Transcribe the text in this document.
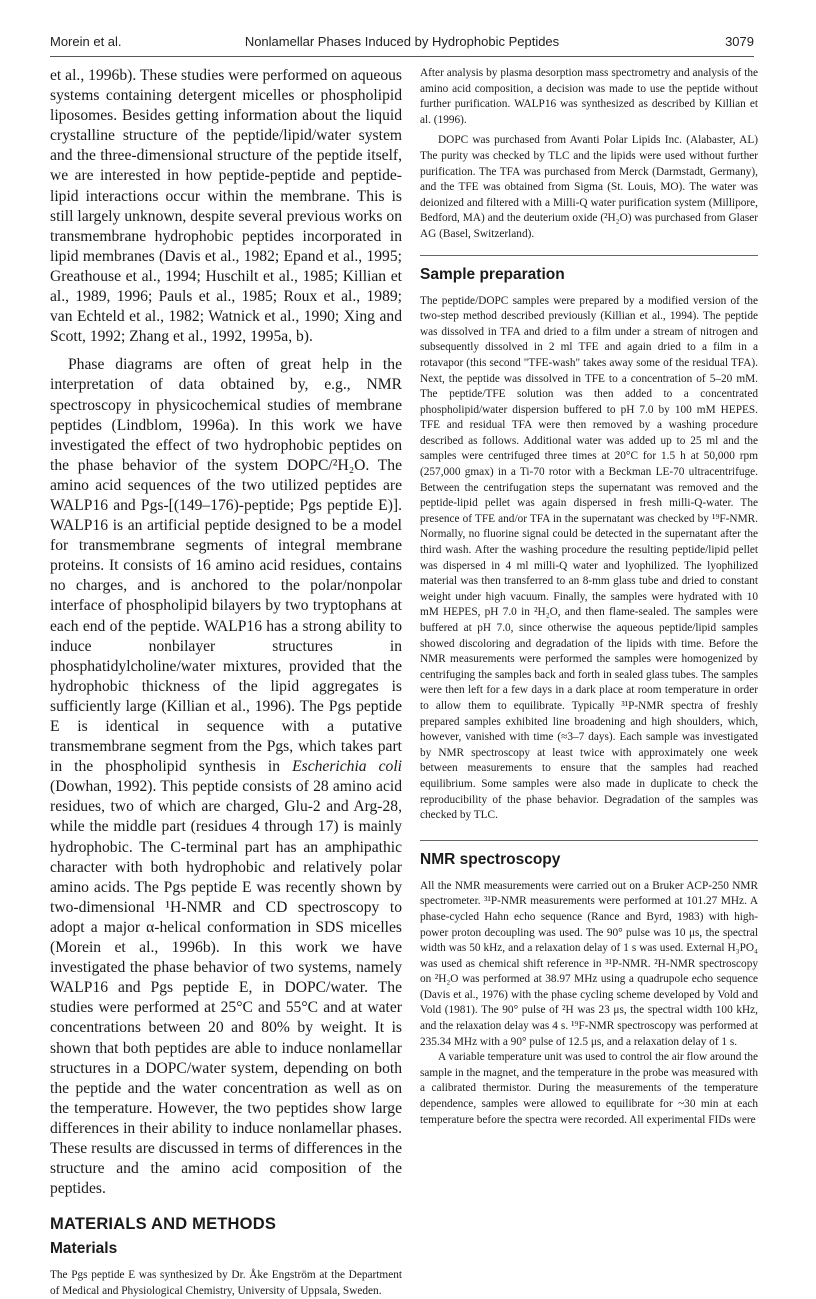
Morein et al.	Nonlamellar Phases Induced by Hydrophobic Peptides	3079

et al., 1996b). These studies were performed on aqueous systems containing detergent micelles or phospholipid liposomes. Besides getting information about the liquid crystalline structure of the peptide/lipid/water system and the three-dimensional structure of the peptide itself, we are interested in how peptide-peptide and peptide-lipid interactions occur within the membrane. This is still largely unknown, despite several previous works on transmembrane hydrophobic peptides incorporated in lipid membranes (Davis et al., 1982; Epand et al., 1995; Greathouse et al., 1994; Huschilt et al., 1985; Killian et al., 1989, 1996; Pauls et al., 1985; Roux et al., 1989; van Echteld et al., 1982; Watnick et al., 1990; Xing and Scott, 1992; Zhang et al., 1992, 1995a, b).

Phase diagrams are often of great help in the interpretation of data obtained by, e.g., NMR spectroscopy in physicochemical studies of membrane peptides (Lindblom, 1996a). In this work we have investigated the effect of two hydrophobic peptides on the phase behavior of the system DOPC/²H₂O. The amino acid sequences of the two utilized peptides are WALP16 and Pgs-[(149–176)-peptide; Pgs peptide E)]. WALP16 is an artificial peptide designed to be a model for transmembrane segments of integral membrane proteins. It consists of 16 amino acid residues, contains no charges, and is anchored to the polar/nonpolar interface of phospholipid bilayers by two tryptophans at each end of the peptide. WALP16 has a strong ability to induce nonbilayer structures in phosphatidylcholine/water mixtures, provided that the hydrophobic thickness of the lipid aggregates is sufficiently large (Killian et al., 1996). The Pgs peptide E is identical in sequence with a putative transmembrane segment from the Pgs, which takes part in the phospholipid synthesis in Escherichia coli (Dowhan, 1992). This peptide consists of 28 amino acid residues, two of which are charged, Glu-2 and Arg-28, while the middle part (residues 4 through 17) is mainly hydrophobic. The C-terminal part has an amphipathic character with both hydrophobic and relatively polar amino acids. The Pgs peptide E was recently shown by two-dimensional ¹H-NMR and CD spectroscopy to adopt a major α-helical conformation in SDS micelles (Morein et al., 1996b). In this work we have investigated the phase behavior of two systems, namely WALP16 and Pgs peptide E, in DOPC/water. The studies were performed at 25°C and 55°C and at water concentrations between 20 and 80% by weight. It is shown that both peptides are able to induce nonlamellar structures in a DOPC/water system, depending on both the peptide and the water concentration as well as on the temperature. However, the two peptides show large differences in their ability to induce nonlamellar phases. These results are discussed in terms of differences in the structure and the amino acid composition of the peptides.

MATERIALS AND METHODS
Materials

The Pgs peptide E was synthesized by Dr. Åke Engström at the Department of Medical and Physiological Chemistry, University of Uppsala, Sweden.

After analysis by plasma desorption mass spectrometry and analysis of the amino acid composition, a decision was made to use the peptide without further purification. WALP16 was synthesized as described by Killian et al. (1996).

DOPC was purchased from Avanti Polar Lipids Inc. (Alabaster, AL) The purity was checked by TLC and the lipids were used without further purification. The TFA was purchased from Merck (Darmstadt, Germany), and the TFE was obtained from Sigma (St. Louis, MO). The water was deionized and filtered with a Milli-Q water purification system (Millipore, Bedford, MA) and the deuterium oxide (²H₂O) was purchased from Glaser AG (Basel, Switzerland).

Sample preparation

The peptide/DOPC samples were prepared by a modified version of the two-step method described previously (Killian et al., 1994). The peptide was dissolved in TFA and dried to a film under a stream of nitrogen and subsequently dissolved in 2 ml TFE and again dried to a film in a rotavapor (this second "TFE-wash" takes away some of the residual TFA). Next, the peptide was dissolved in TFE to a concentration of 5–20 mM. The peptide/TFE solution was then added to a concentrated phospholipid/water dispersion buffered to pH 7.0 by 100 mM HEPES. TFE and residual TFA were then removed by a washing procedure described as follows. Additional water was added up to 25 ml and the samples were centrifuged three times at 20°C for 1.5 h at 50,000 rpm (257,000 gmax) in a Ti-70 rotor with a Beckman LE-70 ultracentrifuge. Between the centrifugation steps the supernatant was removed and the peptide-lipid pellet was again dispersed in fresh milli-Q-water. The presence of TFE and/or TFA in the supernatant was checked by ¹⁹F-NMR. Normally, no fluorine signal could be detected in the supernatant after the third wash. After the washing procedure the resulting peptide/lipid pellet was dispersed in 4 ml milli-Q water and lyophilized. The lyophilized material was then transferred to an 8-mm glass tube and dried to constant weight under high vacuum. Finally, the samples were hydrated with 10 mM HEPES, pH 7.0 in ²H₂O, and then flame-sealed. The samples were buffered at pH 7.0, since otherwise the aqueous peptide/lipid samples showed discoloring and degradation of the lipids with time. Before the NMR measurements were performed the samples were homogenized by centrifuging the samples back and forth in sealed glass tubes. The samples were then left for a few days in a dark place at room temperature in order to allow them to equilibrate. Typically ³¹P-NMR spectra of freshly prepared samples exhibited line broadening and high shoulders, which, however, vanished with time (≈3–7 days). Each sample was investigated by NMR spectroscopy at least twice with approximately one week between measurements to ensure that the samples had reached equilibrium. Some samples were also made in duplicate to check the reproducibility of the phase behavior. Degradation of the samples was checked by TLC.

NMR spectroscopy

All the NMR measurements were carried out on a Bruker ACP-250 NMR spectrometer. ³¹P-NMR measurements were performed at 101.27 MHz. A phase-cycled Hahn echo sequence (Rance and Byrd, 1983) with high-power proton decoupling was used. The 90° pulse was 10 μs, the spectral width was 50 kHz, and a relaxation delay of 1 s was used. External H₃PO₄ was used as chemical shift reference in ³¹P-NMR. ²H-NMR spectroscopy on ²H₂O was performed at 38.97 MHz using a quadrupole echo sequence (Davis et al., 1976) with the phase cycling scheme developed by Vold and Vold (1981). The 90° pulse of ²H was 23 μs, the spectral width 100 kHz, and the relaxation delay was 4 s. ¹⁹F-NMR spectroscopy was performed at 235.34 MHz with a 90° pulse of 12.5 μs, and a relaxation delay of 1 s.

A variable temperature unit was used to control the air flow around the sample in the magnet, and the temperature in the probe was measured with a calibrated thermistor. During the measurements of the temperature dependence, samples were allowed to equilibrate for ~30 min at each temperature before the spectra were recorded. All experimental FIDs were
